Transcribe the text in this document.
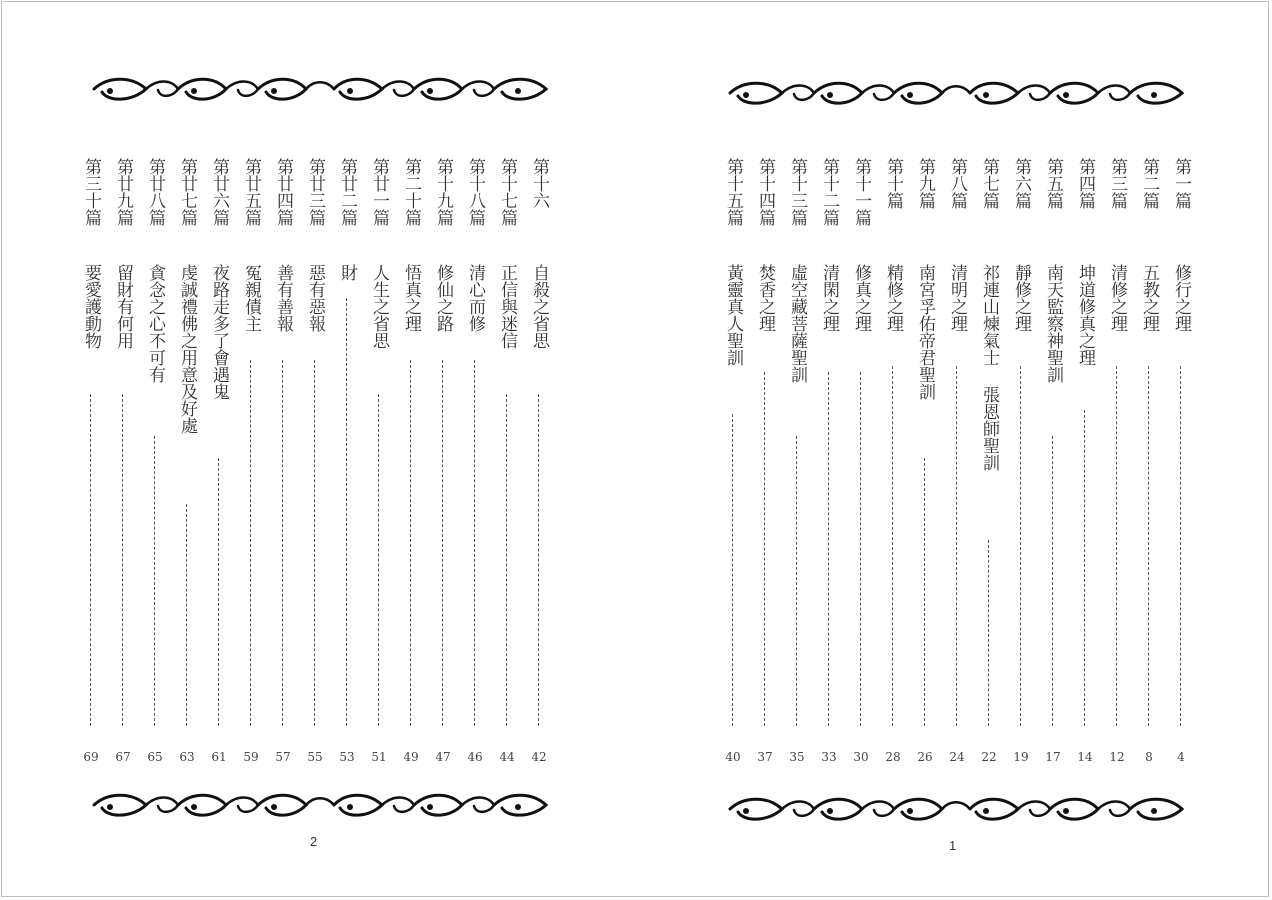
第十六
自殺之省思
42
第十七篇
正信與迷信
44
第十八篇
清心而修
46
第十九篇
修仙之路
47
第二十篇
悟真之理
49
第廿一篇
人生之省思
51
第廿二篇
財
53
第廿三篇
惡有惡報
55
第廿四篇
善有善報
57
第廿五篇
冤親債主
59
第廿六篇
夜路走多了會遇鬼
61
第廿七篇
虔誠禮佛之用意及好處
63
第廿八篇
貪念之心不可有
65
第廿九篇
留財有何用
67
第三十篇
要愛護動物
69
2
第一篇
修行之理
4
第二篇
五教之理
8
第三篇
清修之理
12
第四篇
坤道修真之理
14
第五篇
南天監察神聖訓
17
第六篇
靜修之理
19
第七篇
祁連山煉氣士 張恩師聖訓
22
第八篇
清明之理
24
第九篇
南宮孚佑帝君聖訓
26
第十篇
精修之理
28
第十一篇
修真之理
30
第十二篇
清閑之理
33
第十三篇
虛空藏菩薩聖訓
35
第十四篇
焚香之理
37
第十五篇
黃靈真人聖訓
40
1
